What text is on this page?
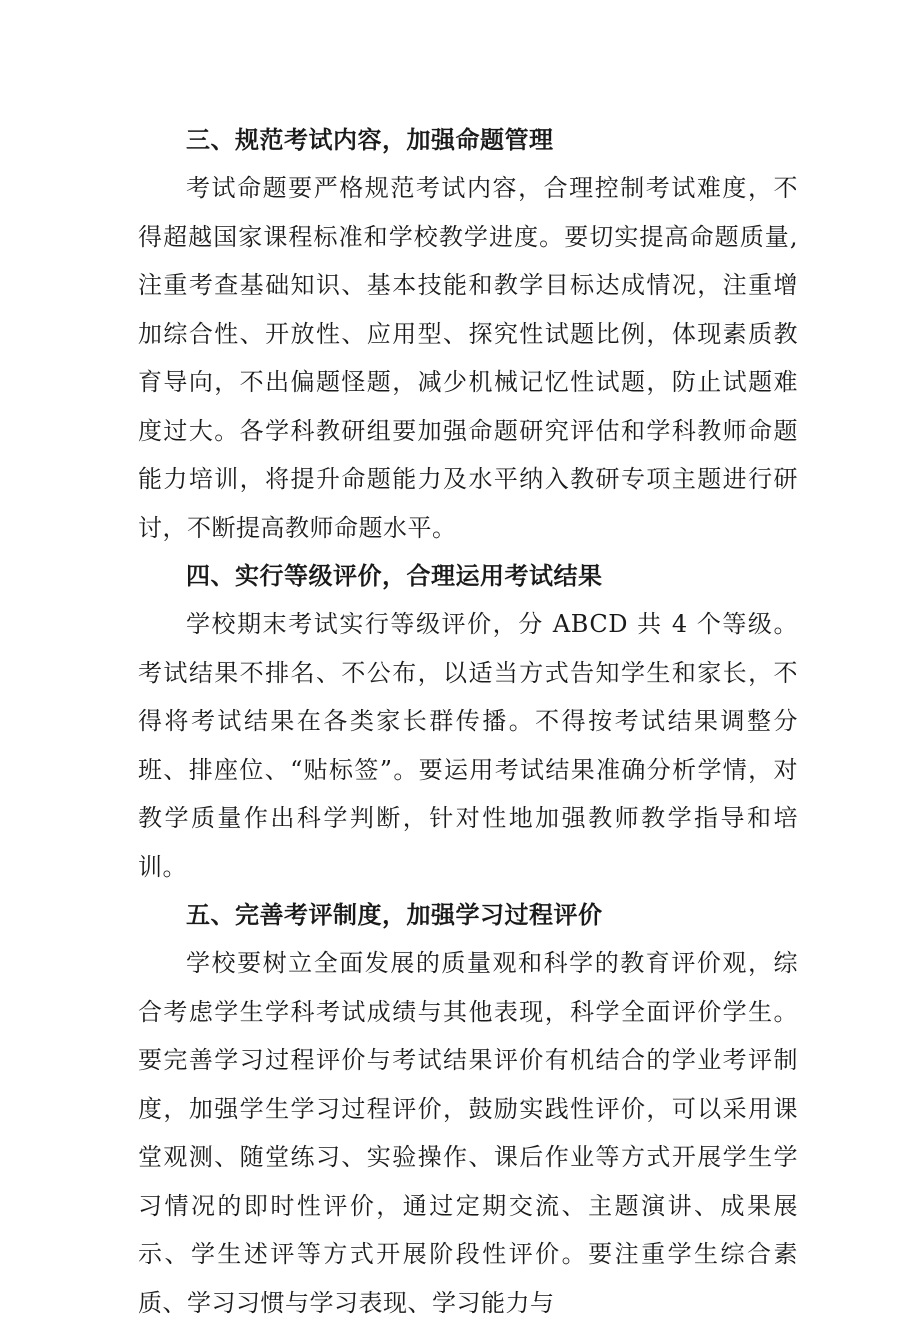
三、规范考试内容，加强命题管理

考试命题要严格规范考试内容，合理控制考试难度，不得超越国家课程标准和学校教学进度。要切实提高命题质量,注重考查基础知识、基本技能和教学目标达成情况，注重增加综合性、开放性、应用型、探究性试题比例，体现素质教育导向，不出偏题怪题，减少机械记忆性试题，防止试题难度过大。各学科教研组要加强命题研究评估和学科教师命题能力培训，将提升命题能力及水平纳入教研专项主题进行研讨，不断提高教师命题水平。

四、实行等级评价，合理运用考试结果

学校期末考试实行等级评价，分 ABCD 共 4 个等级。考试结果不排名、不公布，以适当方式告知学生和家长，不得将考试结果在各类家长群传播。不得按考试结果调整分班、排座位、“贴标签”。要运用考试结果准确分析学情，对教学质量作出科学判断，针对性地加强教师教学指导和培训。

五、完善考评制度，加强学习过程评价

学校要树立全面发展的质量观和科学的教育评价观，综合考虑学生学科考试成绩与其他表现，科学全面评价学生。要完善学习过程评价与考试结果评价有机结合的学业考评制度，加强学生学习过程评价，鼓励实践性评价，可以采用课堂观测、随堂练习、实验操作、课后作业等方式开展学生学习情况的即时性评价，通过定期交流、主题演讲、成果展示、学生述评等方式开展阶段性评价。要注重学生综合素质、学习习惯与学习表现、学习能力与
